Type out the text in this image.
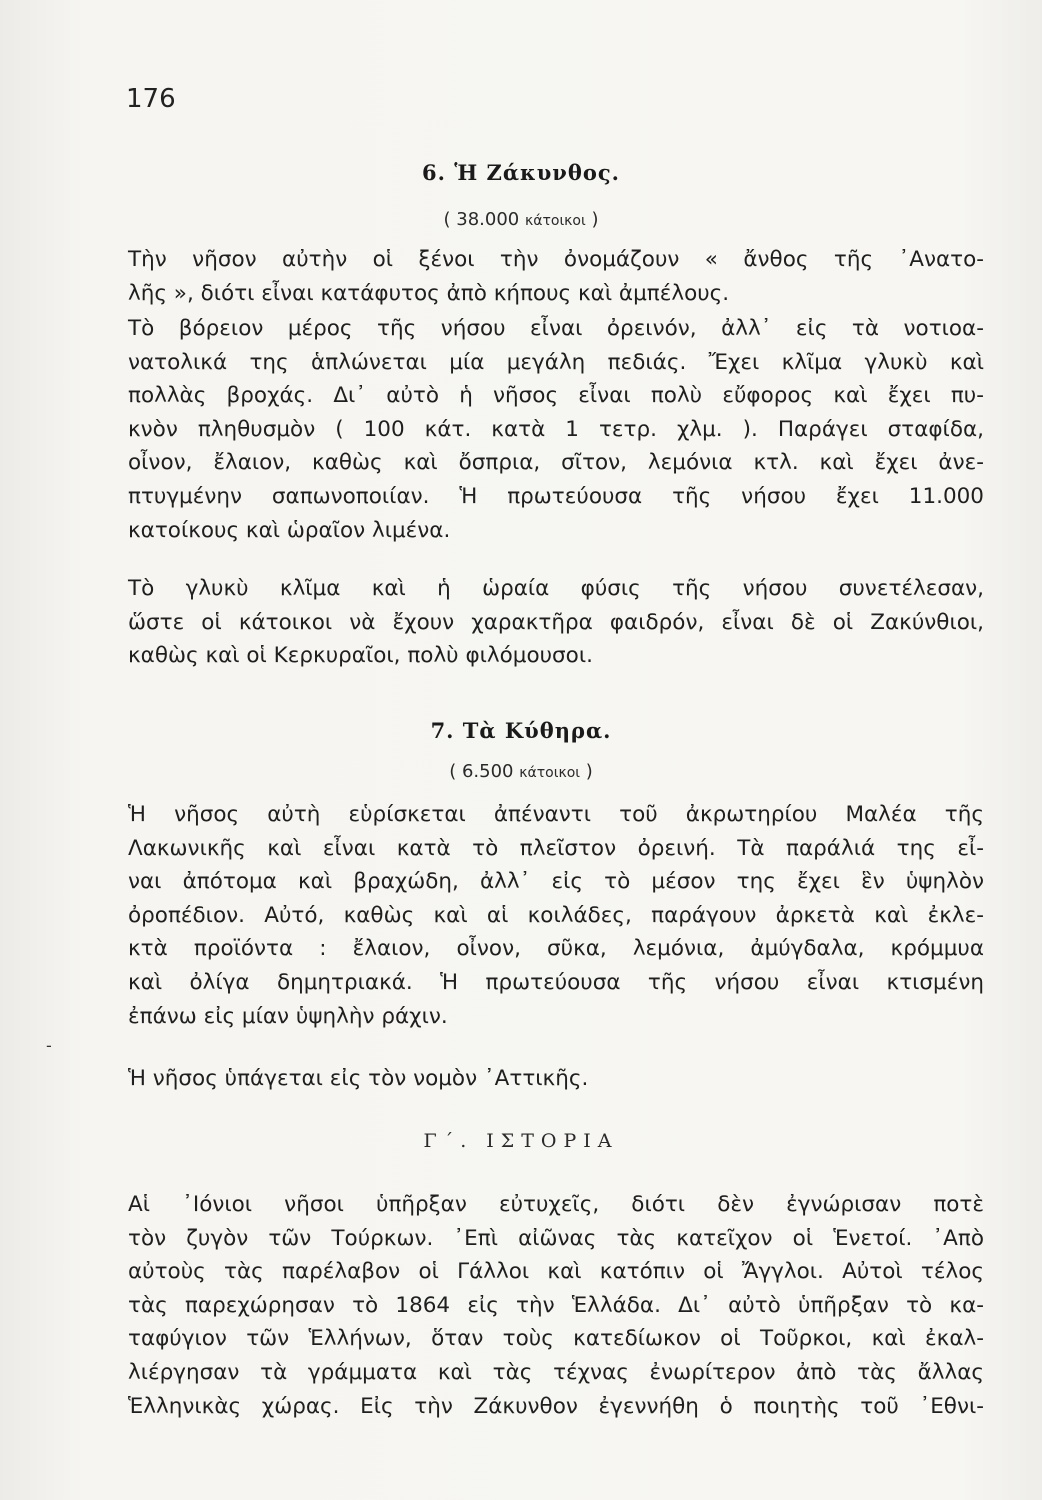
176
6. Ἡ Ζάκυνθος.
( 38.000 κάτοικοι )

Τὴν νῆσον αὐτὴν οἱ ξένοι τὴν ὀνομάζουν « ἄνθος τῆς ᾿Ανατο-
λῆς », διότι εἶναι κατάφυτος ἀπὸ κήπους καὶ ἀμπέλους.

Τὸ βόρειον μέρος τῆς νήσου εἶναι ὀρεινόν, ἀλλ᾿ εἰς τὰ νοτιοα-
νατολικά της ἁπλώνεται μία μεγάλη πεδιάς. Ἔχει κλῖμα γλυκὺ καὶ
πολλὰς βροχάς. Δι᾿ αὐτὸ ἡ νῆσος εἶναι πολὺ εὔφορος καὶ ἔχει πυ-
κνὸν πληθυσμὸν ( 100 κάτ. κατὰ 1 τετρ. χλμ. ). Παράγει σταφίδα,
οἶνον, ἔλαιον, καθὼς καὶ ὄσπρια, σῖτον, λεμόνια κτλ. καὶ ἔχει ἀνε-
πτυγμένην σαπωνοποιίαν. Ἡ πρωτεύουσα τῆς νήσου ἔχει 11.000
κατοίκους καὶ ὡραῖον λιμένα.

Τὸ γλυκὺ κλῖμα καὶ ἡ ὡραία φύσις τῆς νήσου συνετέλεσαν,
ὥστε οἱ κάτοικοι νὰ ἔχουν χαρακτῆρα φαιδρόν, εἶναι δὲ οἱ Ζακύνθιοι,
καθὼς καὶ οἱ Κερκυραῖοι, πολὺ φιλόμουσοι.

7. Τὰ Κύθηρα.
( 6.500 κάτοικοι )

Ἡ νῆσος αὐτὴ εὑρίσκεται ἀπέναντι τοῦ ἀκρωτηρίου Μαλέα τῆς
Λακωνικῆς καὶ εἶναι κατὰ τὸ πλεῖστον ὀρεινή. Τὰ παράλιά της εἶ-
ναι ἀπότομα καὶ βραχώδη, ἀλλ᾿ εἰς τὸ μέσον της ἔχει ἓν ὑψηλὸν
ὀροπέδιον. Αὐτό, καθὼς καὶ αἱ κοιλάδες, παράγουν ἀρκετὰ καὶ ἐκλε-
κτὰ προϊόντα : ἔλαιον, οἶνον, σῦκα, λεμόνια, ἀμύγδαλα, κρόμμυα
καὶ ὀλίγα δημητριακά. Ἡ πρωτεύουσα τῆς νήσου εἶναι κτισμένη
ἐπάνω εἰς μίαν ὑψηλὴν ράχιν.

Ἡ νῆσος ὑπάγεται εἰς τὸν νομὸν ᾿Αττικῆς.

Γ΄. ΙΣΤΟΡΙΑ

Αἱ ᾿Ιόνιοι νῆσοι ὑπῆρξαν εὐτυχεῖς, διότι δὲν ἐγνώρισαν ποτὲ
τὸν ζυγὸν τῶν Τούρκων. ᾿Επὶ αἰῶνας τὰς κατεῖχον οἱ Ἑνετοί. ᾿Απὸ
αὐτοὺς τὰς παρέλαβον οἱ Γάλλοι καὶ κατόπιν οἱ Ἄγγλοι. Αὐτοὶ τέλος
τὰς παρεχώρησαν τὸ 1864 εἰς τὴν Ἑλλάδα. Δι᾿ αὐτὸ ὑπῆρξαν τὸ κα-
ταφύγιον τῶν Ἑλλήνων, ὅταν τοὺς κατεδίωκον οἱ Τοῦρκοι, καὶ ἐκαλ-
λιέργησαν τὰ γράμματα καὶ τὰς τέχνας ἐνωρίτερον ἀπὸ τὰς ἄλλας
Ἑλληνικὰς χώρας. Εἰς τὴν Ζάκυνθον ἐγεννήθη ὁ ποιητὴς τοῦ ᾿Εθνι-

-
